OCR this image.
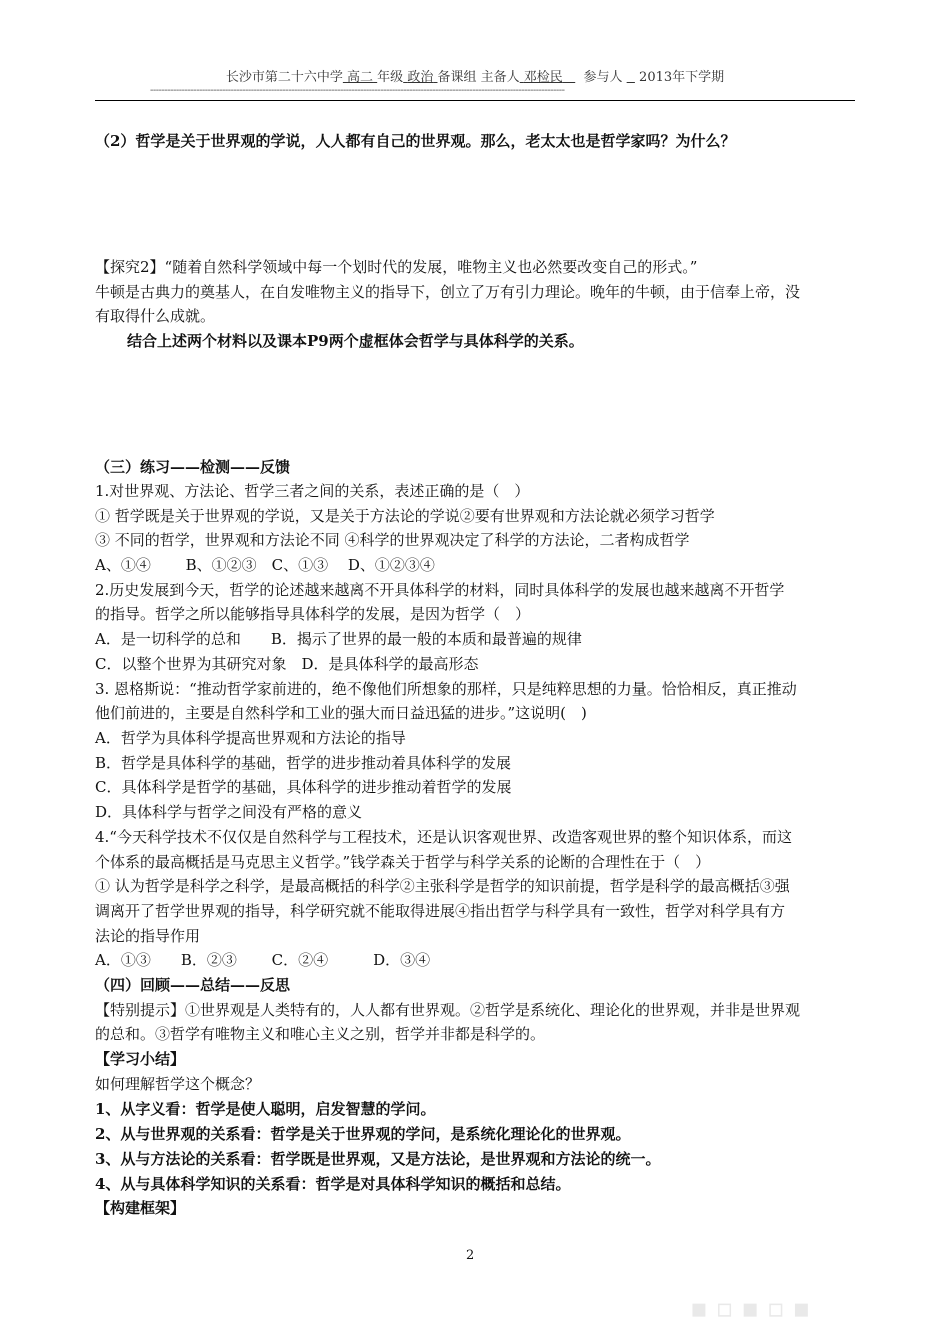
长沙市第二十六中学 高二 年级 政治 备课组 主备人 邓检民 参与人 2013年下学期
------------------------------------------------------------------------------------------------------------------------------------------------
（2）哲学是关于世界观的学说，人人都有自己的世界观。那么，老太太也是哲学家吗？为什么？
【探究2】“随着自然科学领域中每一个划时代的发展，唯物主义也必然要改变自己的形式。”
牛顿是古典力的奠基人，在自发唯物主义的指导下，创立了万有引力理论。晚年的牛顿，由于信奉上帝，没
有取得什么成就。
结合上述两个材料以及课本P9两个虚框体会哲学与具体科学的关系。
（三）练习——检测——反馈
1.对世界观、方法论、哲学三者之间的关系，表述正确的是（　）
① 哲学既是关于世界观的学说，又是关于方法论的学说②要有世界观和方法论就必须学习哲学
③ 不同的哲学，世界观和方法论不同 ④科学的世界观决定了科学的方法论，二者构成哲学
A、①④　　 B、①②③　C、①③　 D、①②③④
2.历史发展到今天，哲学的论述越来越离不开具体科学的材料，同时具体科学的发展也越来越离不开哲学
的指导。哲学之所以能够指导具体科学的发展，是因为哲学（　）
A．是一切科学的总和　　B．揭示了世界的最一般的本质和最普遍的规律
C．以整个世界为其研究对象　D．是具体科学的最高形态
3. 恩格斯说：“推动哲学家前进的，绝不像他们所想象的那样，只是纯粹思想的力量。恰恰相反，真正推动
他们前进的，主要是自然科学和工业的强大而日益迅猛的进步。”这说明(　)
A．哲学为具体科学提高世界观和方法论的指导
B．哲学是具体科学的基础，哲学的进步推动着具体科学的发展
C．具体科学是哲学的基础，具体科学的进步推动着哲学的发展
D．具体科学与哲学之间没有严格的意义
4.“今天科学技术不仅仅是自然科学与工程技术，还是认识客观世界、改造客观世界的整个知识体系，而这
个体系的最高概括是马克思主义哲学。”钱学森关于哲学与科学关系的论断的合理性在于（　）
① 认为哲学是科学之科学，是最高概括的科学②主张科学是哲学的知识前提，哲学是科学的最高概括③强
调离开了哲学世界观的指导，科学研究就不能取得进展④指出哲学与科学具有一致性，哲学对科学具有方
法论的指导作用
A．①③　　B．②③　　 C．②④　　　D．③④
（四）回顾——总结——反思
【特别提示】①世界观是人类特有的，人人都有世界观。②哲学是系统化、理论化的世界观，并非是世界观
的总和。③哲学有唯物主义和唯心主义之别，哲学并非都是科学的。
【学习小结】
如何理解哲学这个概念？
1、从字义看：哲学是使人聪明，启发智慧的学问。
2、从与世界观的关系看：哲学是关于世界观的学问，是系统化理论化的世界观。
3、从与方法论的关系看：哲学既是世界观，又是方法论，是世界观和方法论的统一。
4、从与具体科学知识的关系看：哲学是对具体科学知识的概括和总结。
【构建框架】
2
▪▫▪▫▪
